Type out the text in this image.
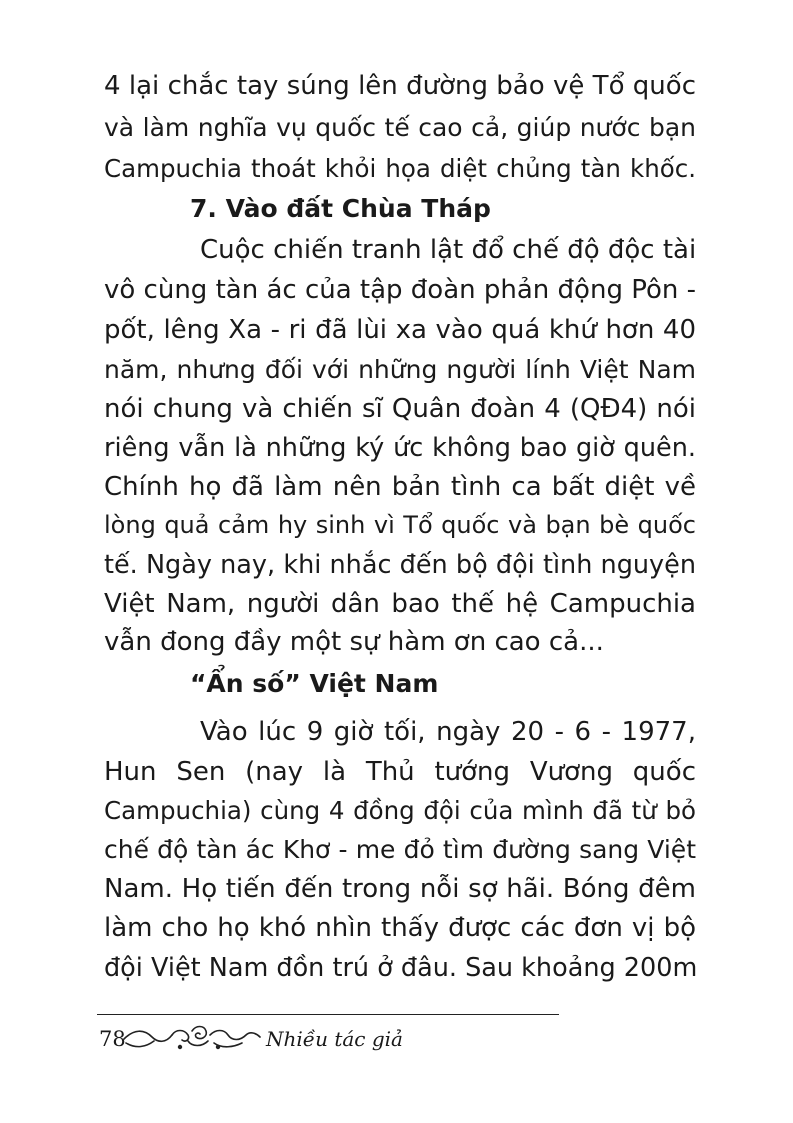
4 lại chắc tay súng lên đường bảo vệ Tổ quốc
và làm nghĩa vụ quốc tế cao cả, giúp nước bạn
Campuchia thoát khỏi họa diệt chủng tàn khốc.
7. Vào đất Chùa Tháp
Cuộc chiến tranh lật đổ chế độ độc tài
vô cùng tàn ác của tập đoàn phản động Pôn -
pốt, lêng Xa - ri đã lùi xa vào quá khứ hơn 40
năm, nhưng đối với những người lính Việt Nam
nói chung và chiến sĩ Quân đoàn 4 (QĐ4) nói
riêng vẫn là những ký ức không bao giờ quên.
Chính họ đã làm nên bản tình ca bất diệt về
lòng quả cảm hy sinh vì Tổ quốc và bạn bè quốc
tế. Ngày nay, khi nhắc đến bộ đội tình nguyện
Việt Nam, người dân bao thế hệ Campuchia
vẫn đong đầy một sự hàm ơn cao cả...
“Ẩn số” Việt Nam
Vào lúc 9 giờ tối, ngày 20 - 6 - 1977,
Hun Sen (nay là Thủ tướng Vương quốc
Campuchia) cùng 4 đồng đội của mình đã từ bỏ
chế độ tàn ác Khơ - me đỏ tìm đường sang Việt
Nam. Họ tiến đến trong nỗi sợ hãi. Bóng đêm
làm cho họ khó nhìn thấy được các đơn vị bộ
đội Việt Nam đồn trú ở đâu. Sau khoảng 200m
78	Nhiều tác giả
